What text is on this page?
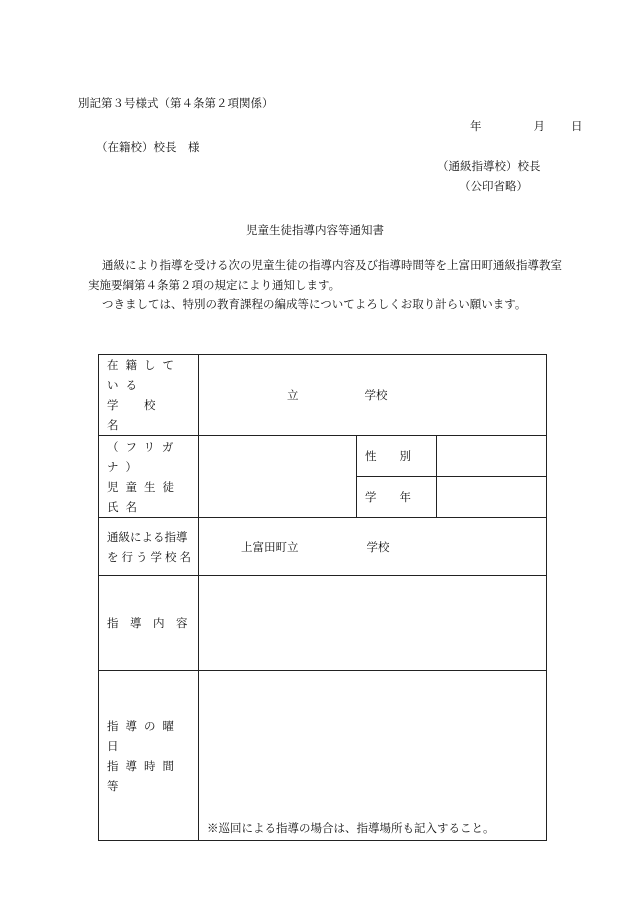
別記第３号様式（第４条第２項関係）
年	月 日
（在籍校）校長　様
（通級指導校）校長
（公印省略）
児童生徒指導内容等通知書
通級により指導を受ける次の児童生徒の指導内容及び指導時間等を上富田町通級指導教室実施要綱第４条第２項の規定により通知します。
つきましては、特別の教育課程の編成等についてよろしくお取り計らい願います。
在籍している
学　校　名	立 学校		

（フリガナ）
児童生徒氏名		性　　別	
		学　　年	

通級による指導
を行う学校名	上富田町立 学校		
指　導　内　容			

指導の曜日
指導時間等	※巡回による指導の場合は、指導場所も記入すること。		
